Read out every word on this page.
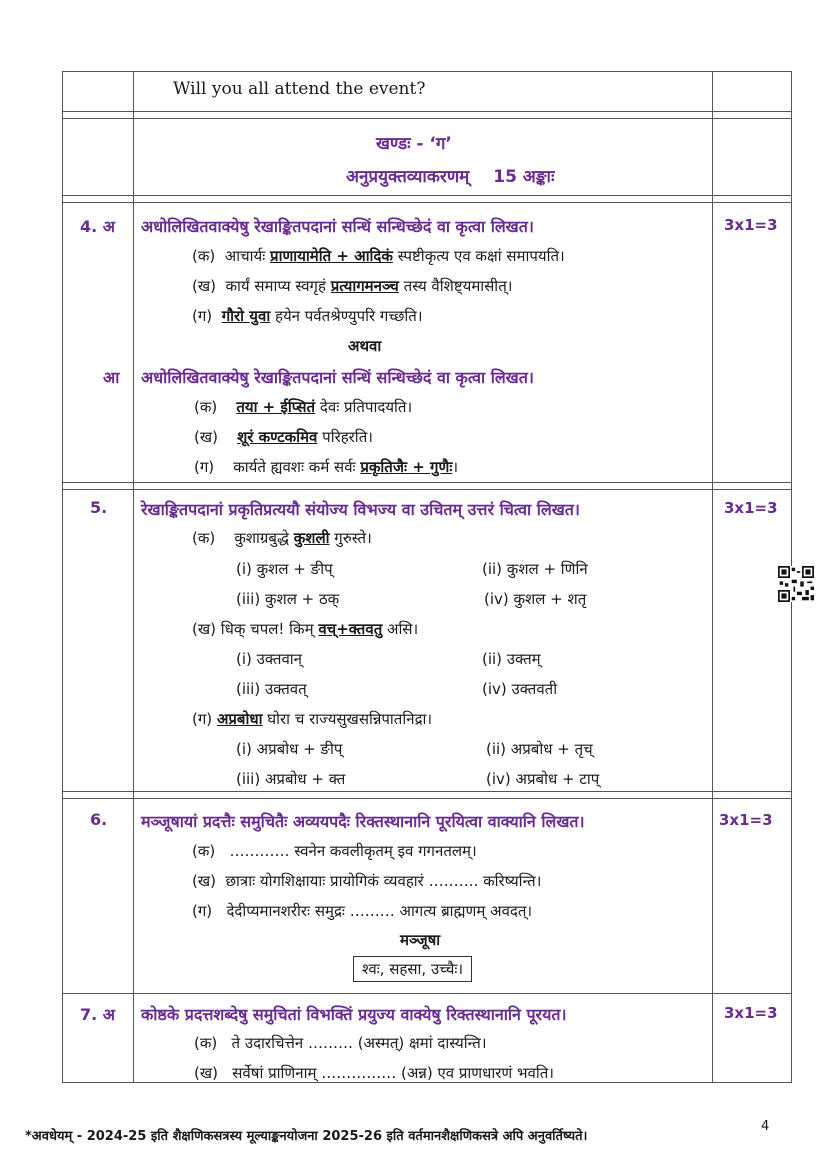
Will you all attend the event?
खण्डः - ‘ग’
अनुप्रयुक्तव्याकरणम् 15 अङ्काः
4. अ अधोलिखितवाक्येषु रेखाङ्कितपदानां सन्धिं सन्धिच्छेदं वा कृत्वा लिखत।	3x1=3
(क) आचार्यः प्राणायामेति + आदिकं स्पष्टीकृत्य एव कक्षां समापयति।
(ख) कार्यं समाप्य स्वगृहं प्रत्यागमनञ्च तस्य वैशिष्ट्यमासीत्।
(ग) गौरो युवा हयेन पर्वतश्रेण्युपरि गच्छति।
अथवा
आ अधोलिखितवाक्येषु रेखाङ्कितपदानां सन्धिं सन्धिच्छेदं वा कृत्वा लिखत।
(क) तया + ईप्सितं देवः प्रतिपादयति।
(ख) शूरं कण्टकमिव परिहरति।
(ग) कार्यते ह्यवशः कर्म सर्वः प्रकृतिजैः + गुणैः।
5. रेखाङ्कितपदानां प्रकृतिप्रत्ययौ संयोज्य विभज्य वा उचितम् उत्तरं चित्वा लिखत।	3x1=3
(क) कुशाग्रबुद्धे कुशली गुरुस्ते।
(i) कुशल + ङीप्	(ii) कुशल + णिनि
(iii) कुशल + ठक्	(iv) कुशल + शतृ
(ख) धिक् चपल! किम् वच्+क्तवतु असि।
(i) उक्तवान्	(ii) उक्तम्
(iii) उक्तवत्	(iv) उक्तवती
(ग) अप्रबोधा घोरा च राज्यसुखसन्निपातनिद्रा।
(i) अप्रबोध + ङीप्	(ii) अप्रबोध + तृच्
(iii) अप्रबोध + क्त	(iv) अप्रबोध + टाप्
6. मञ्जूषायां प्रदत्तैः समुचितैः अव्ययपदैः रिक्तस्थानानि पूरयित्वा वाक्यानि लिखत।	3x1=3
(क) ………… स्वनेन कवलीकृतम् इव गगनतलम्।
(ख) छात्राः योगशिक्षायाः प्रायोगिकं व्यवहारं ………. करिष्यन्ति।
(ग) देदीप्यमानशरीरः समुद्रः ……… आगत्य ब्राह्मणम् अवदत्।
मञ्जूषा
श्वः, सहसा, उच्चैः।
7. अ कोष्ठके प्रदत्तशब्देषु समुचितां विभक्तिं प्रयुज्य वाक्येषु रिक्तस्थानानि पूरयत।	3x1=3
(क) ते उदारचित्तेन ……… (अस्मत्) क्षमां दास्यन्ति।
(ख) सर्वेषां प्राणिनाम् …………… (अन्न) एव प्राणधारणं भवति।
*अवधेयम् - 2024-25 इति शैक्षणिकसत्रस्य मूल्याङ्कनयोजना 2025-26 इति वर्तमानशैक्षणिकसत्रे अपि अनुवर्तिष्यते।
4
